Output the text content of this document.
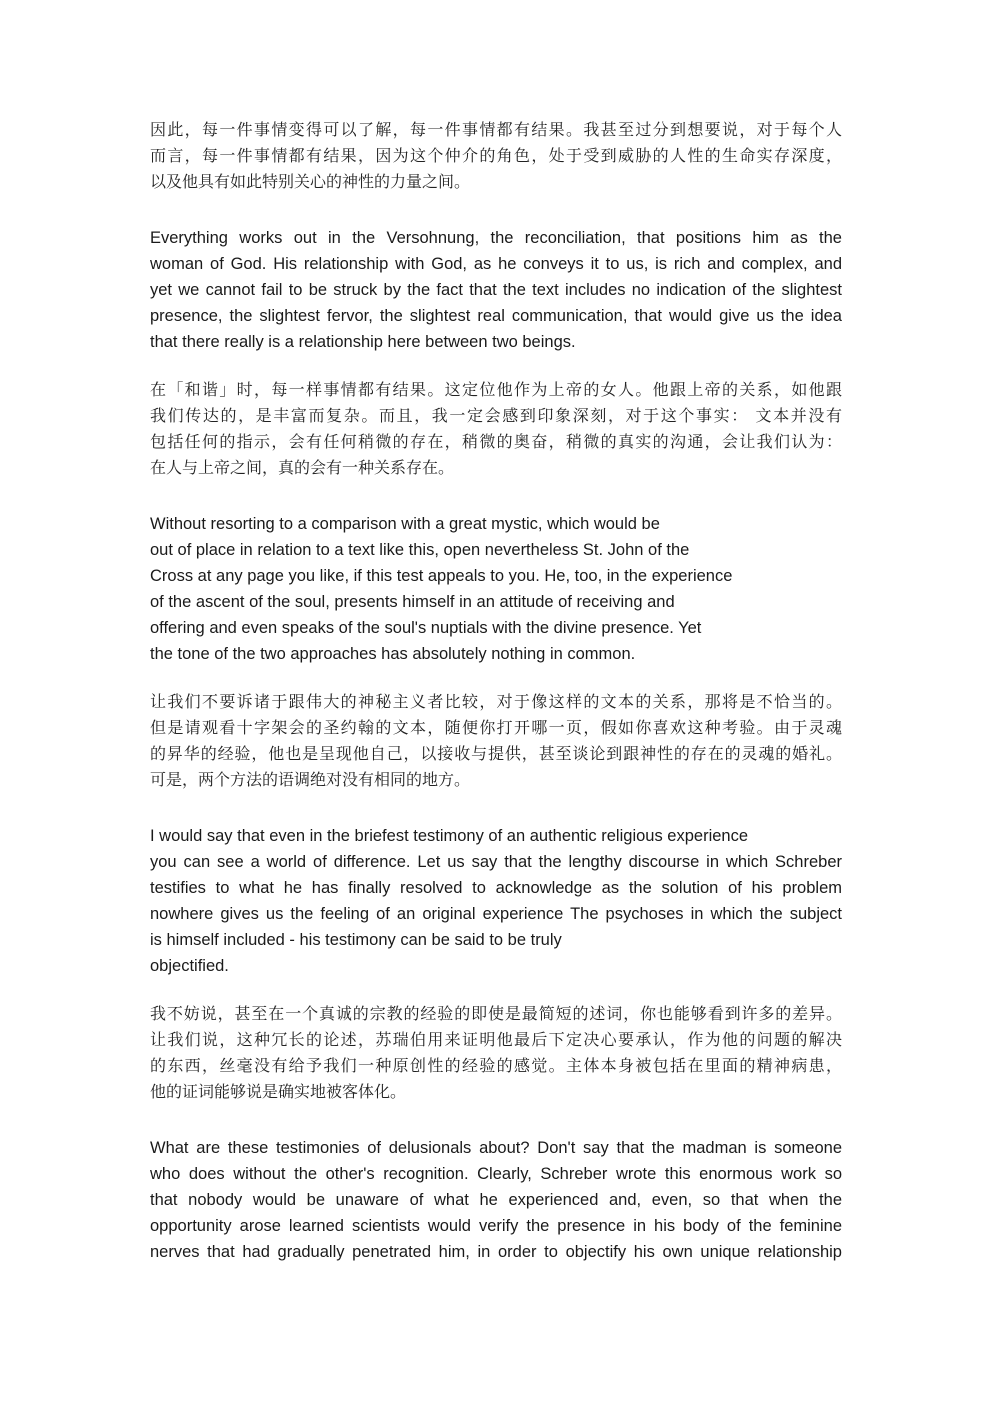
因此，每一件事情变得可以了解，每一件事情都有结果。我甚至过分到想要说，对于每个人
而言，每一件事情都有结果，因为这个仲介的角色，处于受到威胁的人性的生命实存深度，
以及他具有如此特别关心的神性的力量之间。
Everything works out in the Versohnung, the reconciliation, that positions him as the
woman of God. His relationship with God, as he conveys it to us, is rich and complex, and
yet we cannot fail to be struck by the fact that the text includes no indication of the slightest
presence, the slightest fervor, the slightest real communication, that would give us the idea
that there really is a relationship here between two beings.
在「和谐」时，每一样事情都有结果。这定位他作为上帝的女人。他跟上帝的关系，如他跟
我们传达的，是丰富而复杂。而且，我一定会感到印象深刻，对于这个事实： 文本并没有
包括任何的指示，会有任何稍微的存在，稍微的奥奋，稍微的真实的沟通，会让我们认为：
在人与上帝之间，真的会有一种关系存在。
Without resorting to a comparison with a great mystic, which would be
out of place in relation to a text like this, open nevertheless St. John of the
Cross at any page you like, if this test appeals to you. He, too, in the experience
of the ascent of the soul, presents himself in an attitude of receiving and
offering and even speaks of the soul's nuptials with the divine presence. Yet
the tone of the two approaches has absolutely nothing in common.
让我们不要诉诸于跟伟大的神秘主义者比较，对于像这样的文本的关系，那将是不恰当的。
但是请观看十字架会的圣约翰的文本，随便你打开哪一页，假如你喜欢这种考验。由于灵魂
的昇华的经验，他也是呈现他自己，以接收与提供，甚至谈论到跟神性的存在的灵魂的婚礼。
可是，两个方法的语调绝对没有相同的地方。
I would say that even in the briefest testimony of an authentic religious experience
you can see a world of difference. Let us say that the lengthy discourse in which Schreber
testifies to what he has finally resolved to acknowledge as the solution of his problem
nowhere gives us the feeling of an original experience The psychoses in which the subject
is himself included - his testimony can be said to be truly
objectified.
我不妨说，甚至在一个真诚的宗教的经验的即使是最简短的述词，你也能够看到许多的差异。
让我们说，这种冗长的论述，苏瑞伯用来证明他最后下定决心要承认，作为他的问题的解决
的东西，丝毫没有给予我们一种原创性的经验的感觉。主体本身被包括在里面的精神病患，
他的证词能够说是确实地被客体化。
What are these testimonies of delusionals about? Don't say that the madman is someone
who does without the other's recognition. Clearly, Schreber wrote this enormous work so
that nobody would be unaware of what he experienced and, even, so that when the
opportunity arose learned scientists would verify the presence in his body of the feminine
nerves that had gradually penetrated him, in order to objectify his own unique relationship
